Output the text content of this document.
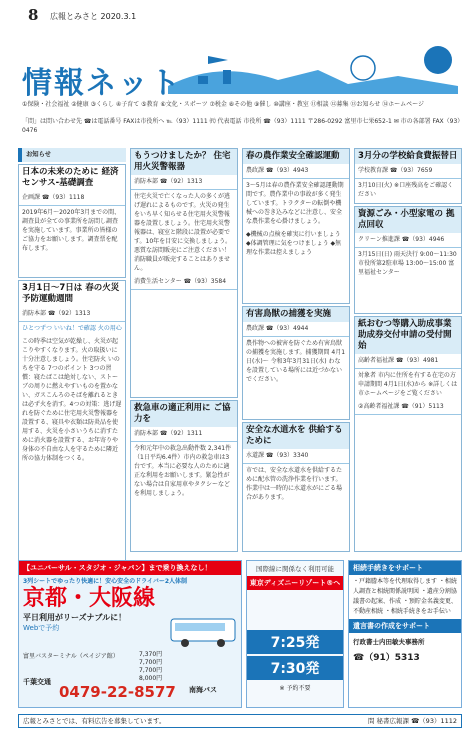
8 広報とみさと 2020.3.1
情報ネット
①保険・社会福祉 ②健康 ③くらし ④子育て ⑤教育 ⑥文化・スポーツ ⑦税金 ⑧その他 ⑨催し ⑩講座・教室 ⑪相談 ⑫募集 ⑬お知らせ ⑭ホームページ
「問」は問い合わせ先 ☎は電話番号 FAXは市役所へ ℡（93）1111 ㈹ 代表電話 市役所 ☎（93）1111 〒286‑0292 富里市七栄652‑1 ✉ 市の各部署 FAX（93）0476
お知らせ
日本の未来のために 経済センサス‐基礎調査
企画課 ☎（93）1118
2019年6月〜2020年3月までの間、調査員が全ての事業所を訪問し調査を実施しています。事業所の皆様のご協力をお願いします。調査票を配布します。
3月1日〜7日は 春の火災予防運動週間
消防本部 ☎（92）1313
ひとつずつ いいね！で確認 火の用心
この時季は空気が乾燥し、火災が起こりやすくなります。火の取扱いに十分注意しましょう。住宅防火 いのちを守る 7つのポイント 3つの習慣：寝たばこは絶対しない、ストーブの周りに燃えやすいものを置かない、ガスこんろのそばを離れるときは必ず火を消す。4つの対策：逃げ遅れを防ぐために住宅用火災警報器を設置する、寝具や衣類は防炎品を使用する、火災を小さいうちに消すために消火器を設置する、お年寄りや身体の不自由な人を守るために隣近所の協力体制をつくる。
もうつけましたか？ 住宅用火災警報器
消防本部 ☎（92）1313
住宅火災で亡くなった人の多くが逃げ遅れによるものです。火災の発生をいち早く知らせる住宅用火災警報器を設置しましょう。住宅用火災警報器は、寝室と階段に設置が必要です。10年を目安に交換しましょう。悪質な訪問販売にご注意ください！消防職員が販売することはありません。
消費生活センター ☎（93）3584
救急車の適正利用に ご協力を
消防本部 ☎（92）1311
令和元年中の救急出動件数 2,341件（1日平均6.4件）市内の救急車は3台です。本当に必要な人のために適正な利用をお願いします。緊急性がない場合は自家用車やタクシーなどを利用しましょう。
春の農作業安全確認運動
農政課 ☎（93）4943
3〜5月は春の農作業安全確認運動期間です。農作業中の事故が多く発生しています。トラクターの転倒や機械への巻き込みなどに注意し、安全な農作業を心掛けましょう。
◆機械の点検を確実に行いましょう ◆体調管理に気をつけましょう ◆無理な作業は控えましょう
有害鳥獣の捕獲を実施
農政課 ☎（93）4944
農作物への被害を防ぐため有害鳥獣の捕獲を実施します。捕獲期間 4月1日(水)〜 令和3年3月31日(水) わなを設置している場所には近づかないでください。
安全な水道水を 供給するために
水道課 ☎（93）3340
市では、安全な水道水を供給するために配水管の洗浄作業を行います。作業中は一時的に水道水がにごる場合があります。
3月分の学校給食費振替日
学校教育課 ☎（93）7659
3月10日(火) ※口座残高をご確認ください
資源ごみ・小型家電の 拠点回収
クリーン推進課 ☎（93）4946
3月15日(日) 雨天決行 9:00〜11:30 市役所第2駐車場 13:00〜15:00 富里福祉センター
紙おむつ等購入助成事業 助成券交付申請の受付開始
高齢者福祉課 ☎（93）4981
対象者 市内に住所を有する在宅の方 申請期間 4月1日(水)から ※詳しくは市ホームページをご覧ください
②高齢者福祉課 ☎（91）5113
【ユニバーサル・スタジオ・ジャパン】まで乗り換えなし！
3列シートでゆったり快適に！安心安全のドライバー2人体制
京都・大阪線
平日利用がリーズナブルに！
Webで予約
7,370円
7,700円
7,700円
8,000円
富里バスターミナル（ペイジア館）
千葉交通
0479-22-8577 南海バス
国際線に関係なく利用可能
東京ディズニーリゾート®へ
7:25発
7:30発
※ 予約不要
相続手続きをサポート
・戸籍謄本等を代理取得します ・相続人調査と相続関係説明図 ・遺産分割協議書の起案、作成 ・預貯金名義変更、不動産相続 ・相続手続きをお手伝い
遺言書の作成をサポート
行政書士内田敏夫事務所
☎（91）5313
広報とみさとでは、有料広告を募集しています。	問 秘書広報課 ☎（93）1112
